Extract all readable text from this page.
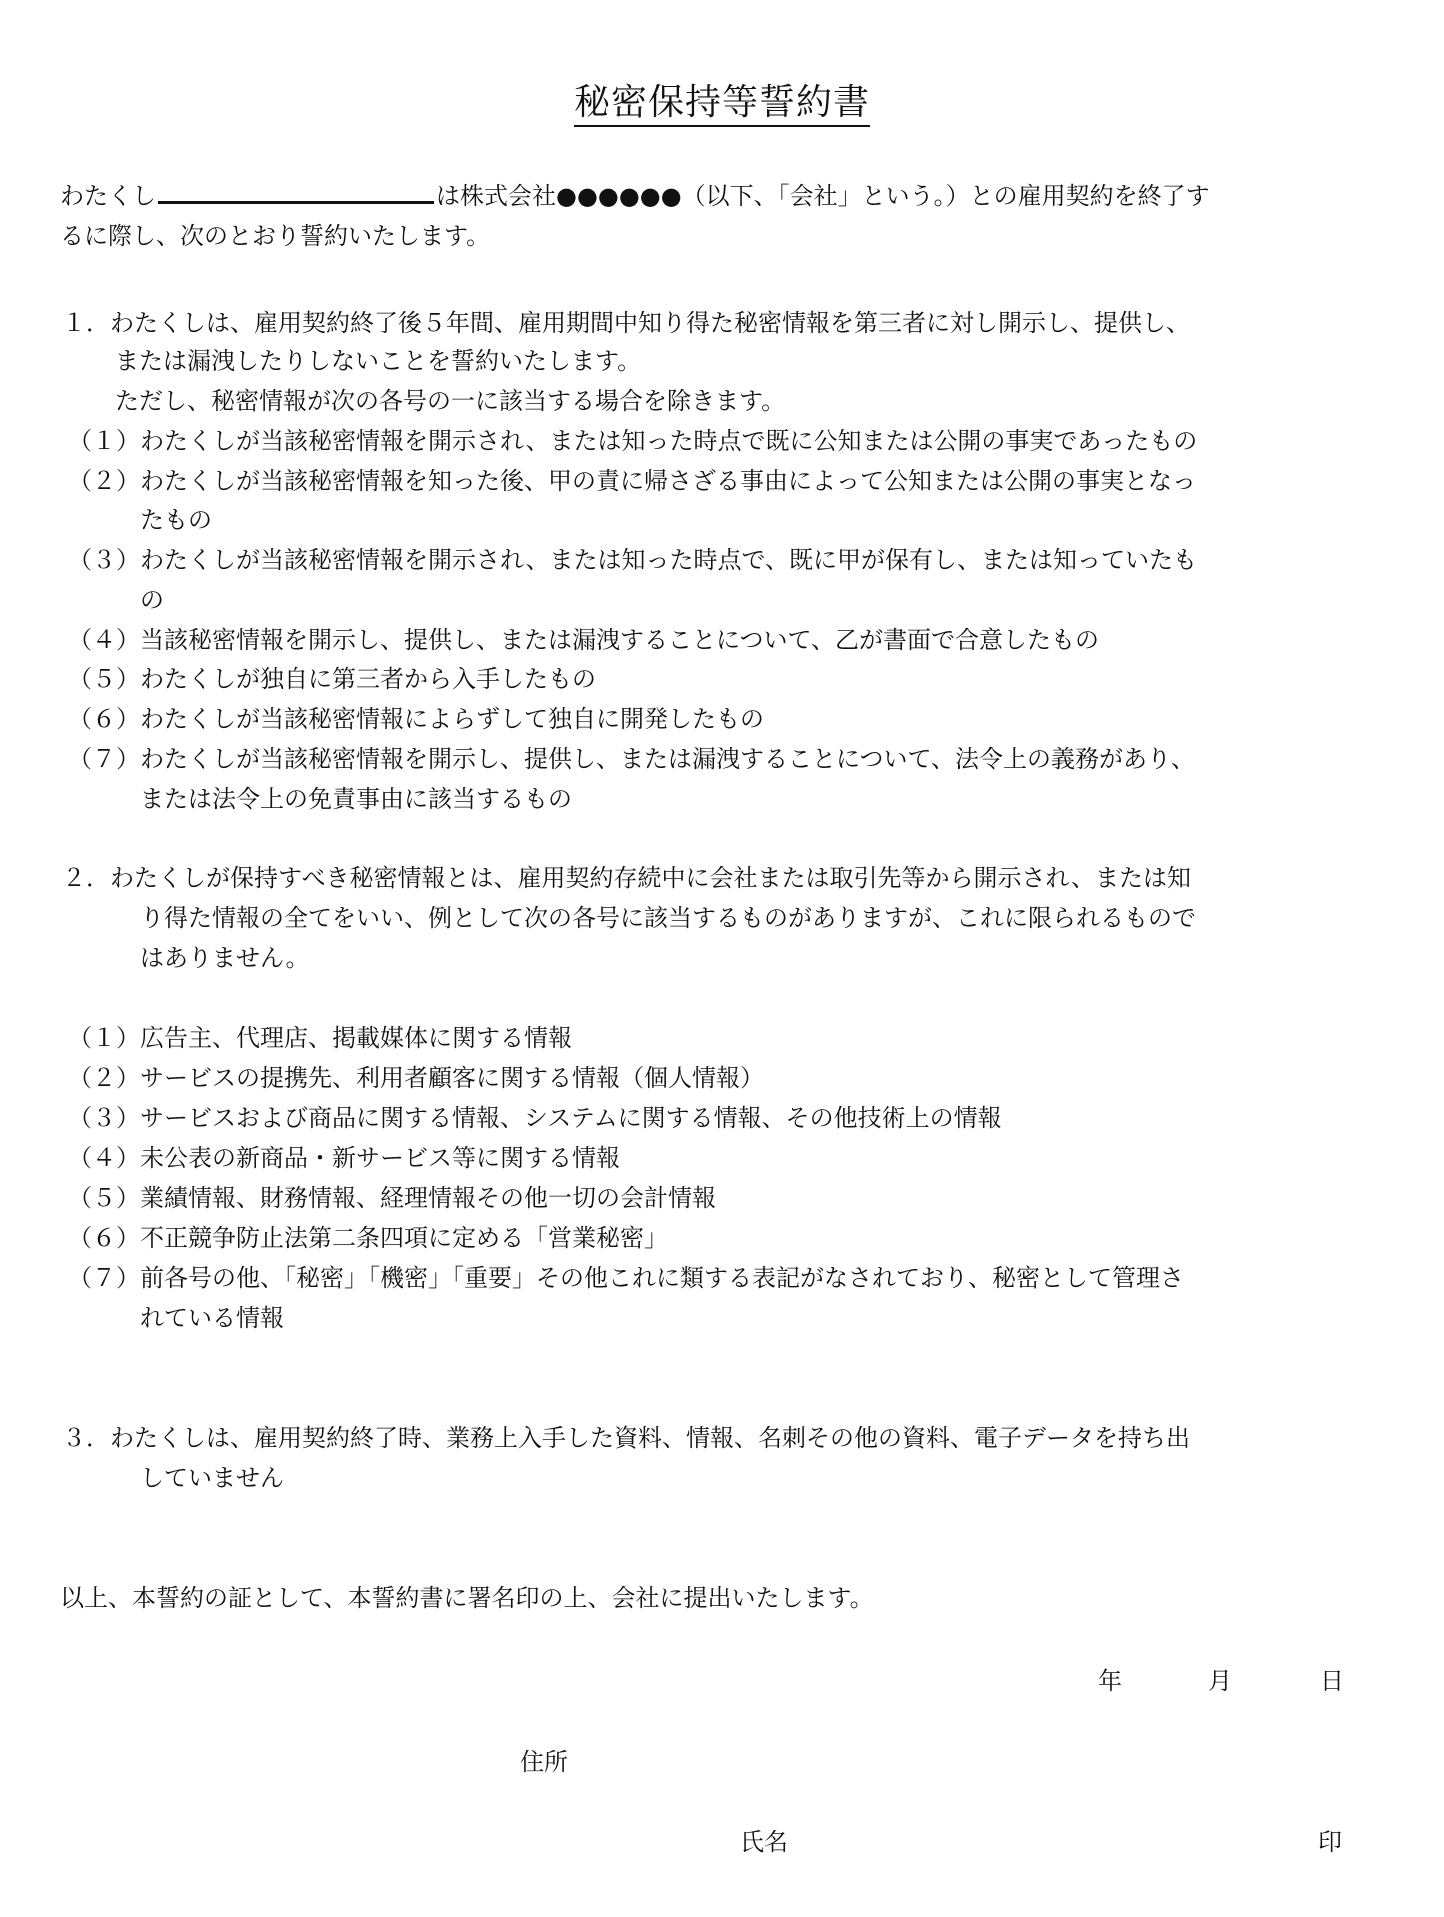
秘密保持等誓約書
わたくし	は株式会社●●●●●●（以下、「会社」という。）との雇用契約を終了す
るに際し、次のとおり誓約いたします。
１．わたくしは、雇用契約終了後５年間、雇用期間中知り得た秘密情報を第三者に対し開示し、提供し、
または漏洩したりしないことを誓約いたします。
ただし、秘密情報が次の各号の一に該当する場合を除きます。
（１）わたくしが当該秘密情報を開示され、または知った時点で既に公知または公開の事実であったもの
（２）わたくしが当該秘密情報を知った後、甲の責に帰さざる事由によって公知または公開の事実となっ
たもの
（３）わたくしが当該秘密情報を開示され、または知った時点で、既に甲が保有し、または知っていたも
の
（４）当該秘密情報を開示し、提供し、または漏洩することについて、乙が書面で合意したもの
（５）わたくしが独自に第三者から入手したもの
（６）わたくしが当該秘密情報によらずして独自に開発したもの
（７）わたくしが当該秘密情報を開示し、提供し、または漏洩することについて、法令上の義務があり、
または法令上の免責事由に該当するもの
２．わたくしが保持すべき秘密情報とは、雇用契約存続中に会社または取引先等から開示され、または知
り得た情報の全てをいい、例として次の各号に該当するものがありますが、これに限られるもので
はありません。
（１）広告主、代理店、掲載媒体に関する情報
（２）サービスの提携先、利用者顧客に関する情報（個人情報）
（３）サービスおよび商品に関する情報、システムに関する情報、その他技術上の情報
（４）未公表の新商品・新サービス等に関する情報
（５）業績情報、財務情報、経理情報その他一切の会計情報
（６）不正競争防止法第二条四項に定める「営業秘密」
（７）前各号の他、「秘密」「機密」「重要」その他これに類する表記がなされており、秘密として管理さ
れている情報
３．わたくしは、雇用契約終了時、業務上入手した資料、情報、名刺その他の資料、電子データを持ち出
していません
以上、本誓約の証として、本誓約書に署名印の上、会社に提出いたします。
年	月	日
住所
氏名	印
